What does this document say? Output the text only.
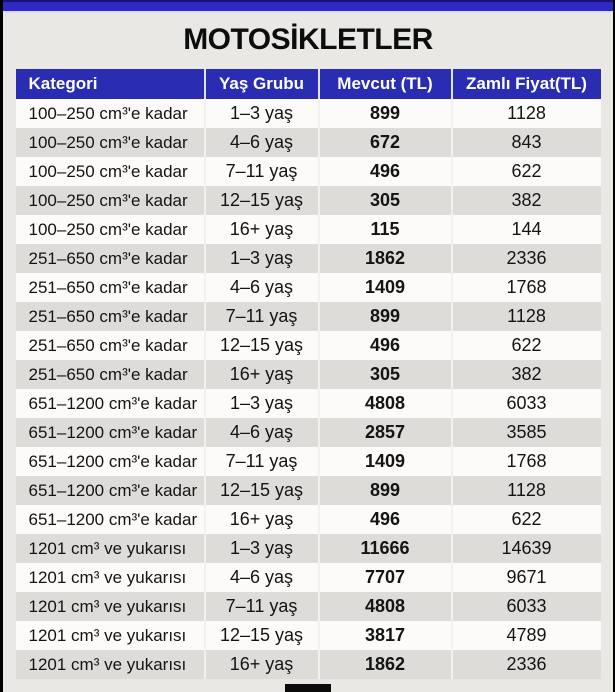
MOTOSİKLETLER
Kategori	Yaş Grubu	Mevcut (TL)	Zamlı Fiyat(TL)
100–250 cm³'e kadar	1–3 yaş	899	1128
100–250 cm³'e kadar	4–6 yaş	672	843
100–250 cm³'e kadar	7–11 yaş	496	622
100–250 cm³'e kadar	12–15 yaş	305	382
100–250 cm³'e kadar	16+ yaş	115	144
251–650 cm³'e kadar	1–3 yaş	1862	2336
251–650 cm³'e kadar	4–6 yaş	1409	1768
251–650 cm³'e kadar	7–11 yaş	899	1128
251–650 cm³'e kadar	12–15 yaş	496	622
251–650 cm³'e kadar	16+ yaş	305	382
651–1200 cm³'e kadar	1–3 yaş	4808	6033
651–1200 cm³'e kadar	4–6 yaş	2857	3585
651–1200 cm³'e kadar	7–11 yaş	1409	1768
651–1200 cm³'e kadar	12–15 yaş	899	1128
651–1200 cm³'e kadar	16+ yaş	496	622
1201 cm³ ve yukarısı	1–3 yaş	11666	14639
1201 cm³ ve yukarısı	4–6 yaş	7707	9671
1201 cm³ ve yukarısı	7–11 yaş	4808	6033
1201 cm³ ve yukarısı	12–15 yaş	3817	4789
1201 cm³ ve yukarısı	16+ yaş	1862	2336
